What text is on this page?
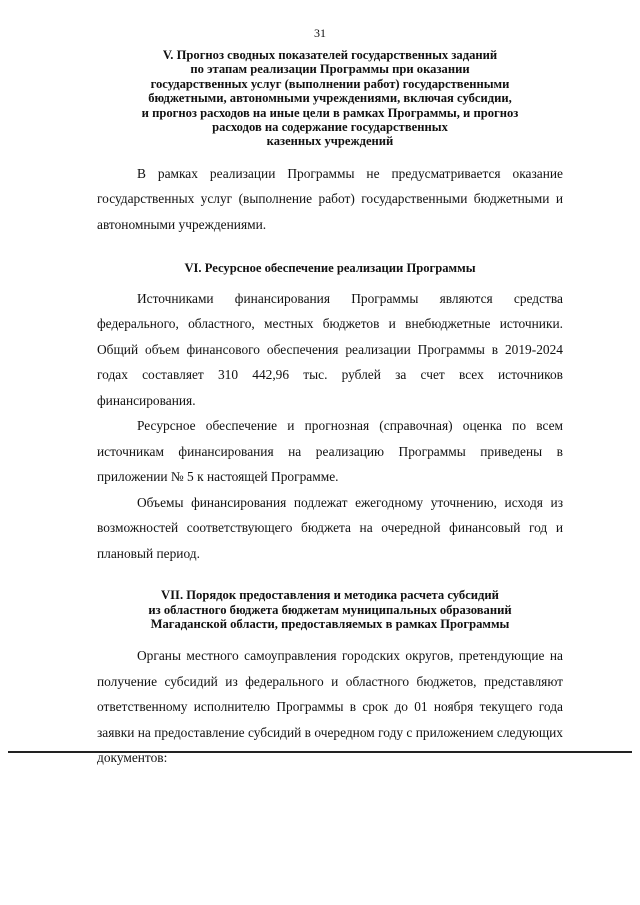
31
V. Прогноз сводных показателей государственных заданий
по этапам реализации Программы при оказании
государственных услуг (выполнении работ) государственными
бюджетными, автономными учреждениями, включая субсидии,
и прогноз расходов на иные цели в рамках Программы, и прогноз
расходов на содержание государственных
казенных учреждений

В рамках реализации Программы не предусматривается оказание государственных услуг (выполнение работ) государственными бюджетными и автономными учреждениями.

VI. Ресурсное обеспечение реализации Программы

Источниками финансирования Программы являются средства федерального, областного, местных бюджетов и внебюджетные источники. Общий объем финансового обеспечения реализации Программы в 2019-2024 годах составляет 310 442,96 тыс. рублей за счет всех источников финансирования.

Ресурсное обеспечение и прогнозная (справочная) оценка по всем источникам финансирования на реализацию Программы приведены в приложении № 5 к настоящей Программе.

Объемы финансирования подлежат ежегодному уточнению, исходя из возможностей соответствующего бюджета на очередной финансовый год и плановый период.

VII. Порядок предоставления и методика расчета субсидий
из областного бюджета бюджетам муниципальных образований
Магаданской области, предоставляемых в рамках Программы

Органы местного самоуправления городских округов, претендующие на получение субсидий из федерального и областного бюджетов, представляют ответственному исполнителю Программы в срок до 01 ноября текущего года заявки на предоставление субсидий в очередном году с приложением следующих документов:
